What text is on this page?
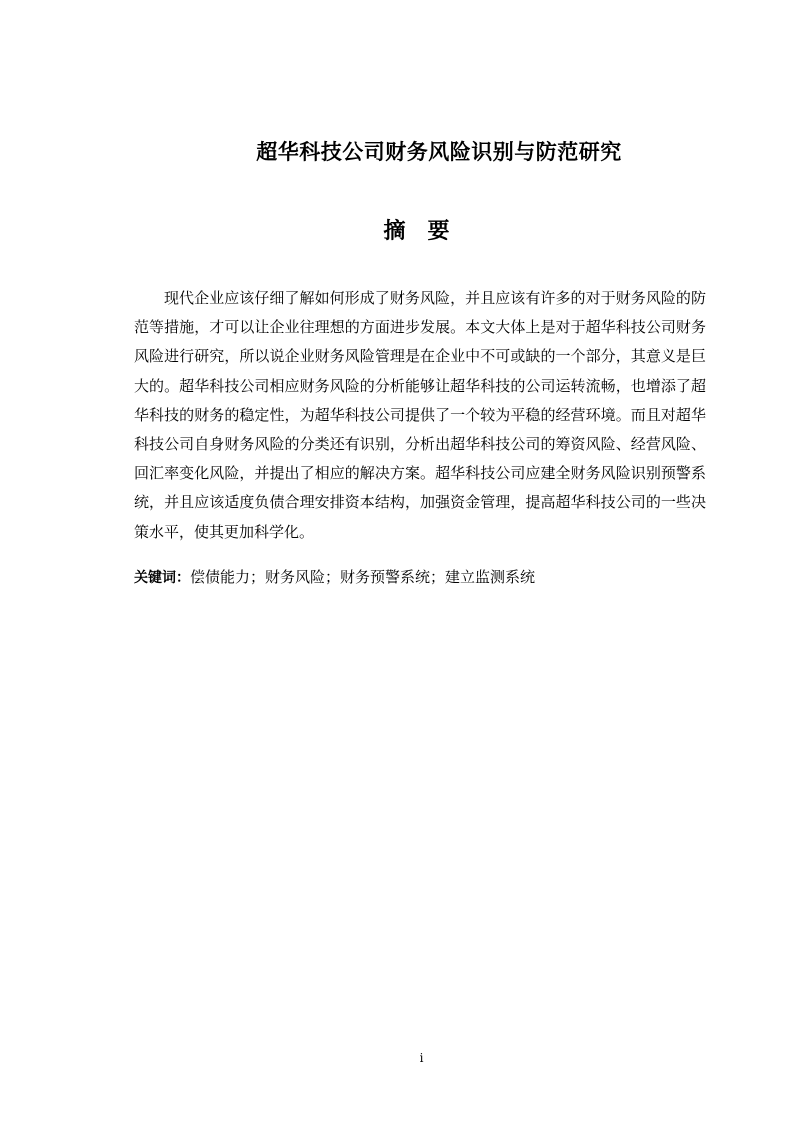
超华科技公司财务风险识别与防范研究
摘　要

现代企业应该仔细了解如何形成了财务风险，并且应该有许多的对于财务风险的防范等措施，才可以让企业往理想的方面进步发展。本文大体上是对于超华科技公司财务风险进行研究，所以说企业财务风险管理是在企业中不可或缺的一个部分，其意义是巨大的。超华科技公司相应财务风险的分析能够让超华科技的公司运转流畅，也增添了超华科技的财务的稳定性，为超华科技公司提供了一个较为平稳的经营环境。而且对超华科技公司自身财务风险的分类还有识别，分析出超华科技公司的筹资风险、经营风险、回汇率变化风险，并提出了相应的解决方案。超华科技公司应建全财务风险识别预警系统，并且应该适度负债合理安排资本结构，加强资金管理，提高超华科技公司的一些决策水平，使其更加科学化。

关键词：偿债能力；财务风险；财务预警系统；建立监测系统
i
